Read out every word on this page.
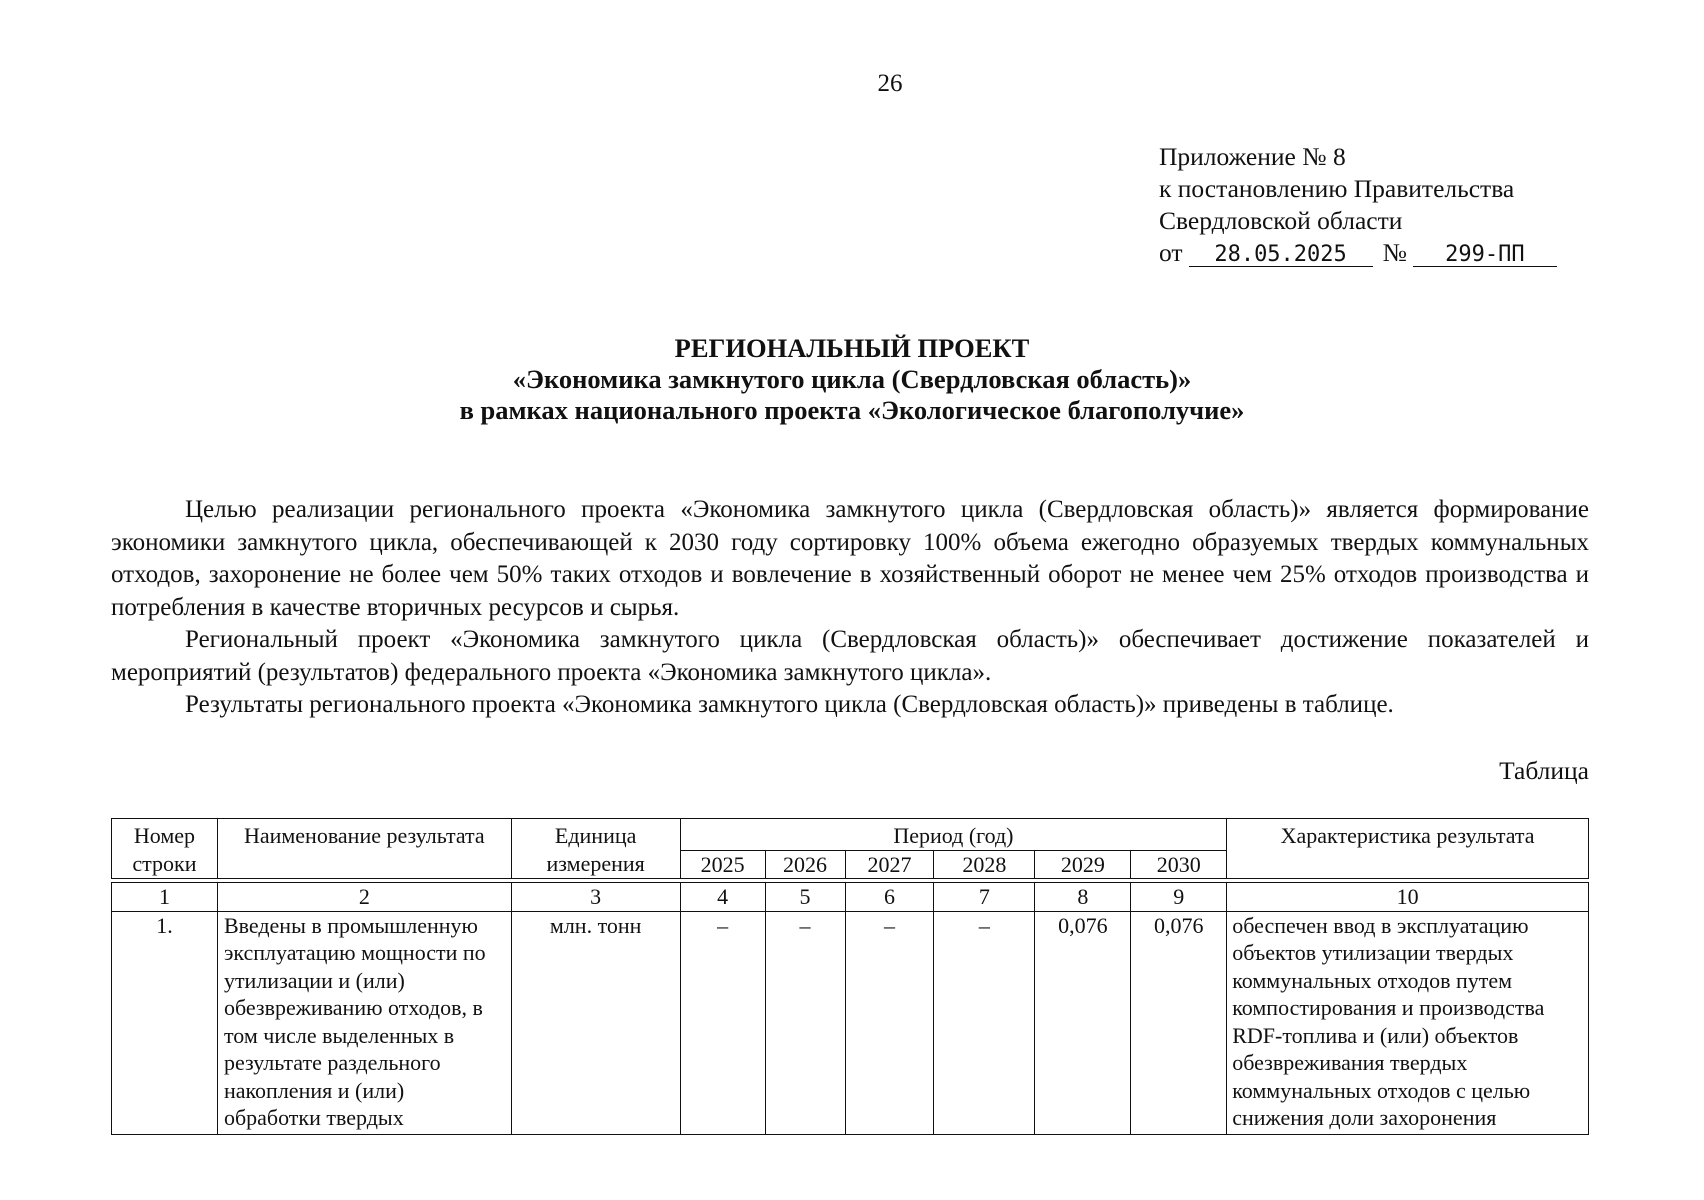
26
Приложение № 8
к постановлению Правительства
Свердловской области
от 28.05.2025 № 299-ПП
РЕГИОНАЛЬНЫЙ ПРОЕКТ
«Экономика замкнутого цикла (Свердловская область)»
в рамках национального проекта «Экологическое благополучие»

Целью реализации регионального проекта «Экономика замкнутого цикла (Свердловская область)» является формирование экономики замкнутого цикла, обеспечивающей к 2030 году сортировку 100% объема ежегодно образуемых твердых коммунальных отходов, захоронение не более чем 50% таких отходов и вовлечение в хозяйственный оборот не менее чем 25% отходов производства и потребления в качестве вторичных ресурсов и сырья.

Региональный проект «Экономика замкнутого цикла (Свердловская область)» обеспечивает достижение показателей и мероприятий (результатов) федерального проекта «Экономика замкнутого цикла».

Результаты регионального проекта «Экономика замкнутого цикла (Свердловская область)» приведены в таблице.

Таблица
Номер строки	Наименование результата	Единица измерения	Период (год)						Характеристика результата
			2025	2026	2027	2028	2029	2030	

1	2	3	4	5	6	7	8	9	10
1.	Введены в промышленную эксплуатацию мощности по утилизации и (или) обезвреживанию отходов, в том числе выделенных в результате раздельного накопления и (или) обработки твердых	млн. тонн	–	–	–	–	0,076	0,076	обеспечен ввод в эксплуатацию объектов утилизации твердых коммунальных отходов путем компостирования и производства RDF-топлива и (или) объектов обезвреживания твердых коммунальных отходов с целью снижения доли захоронения
